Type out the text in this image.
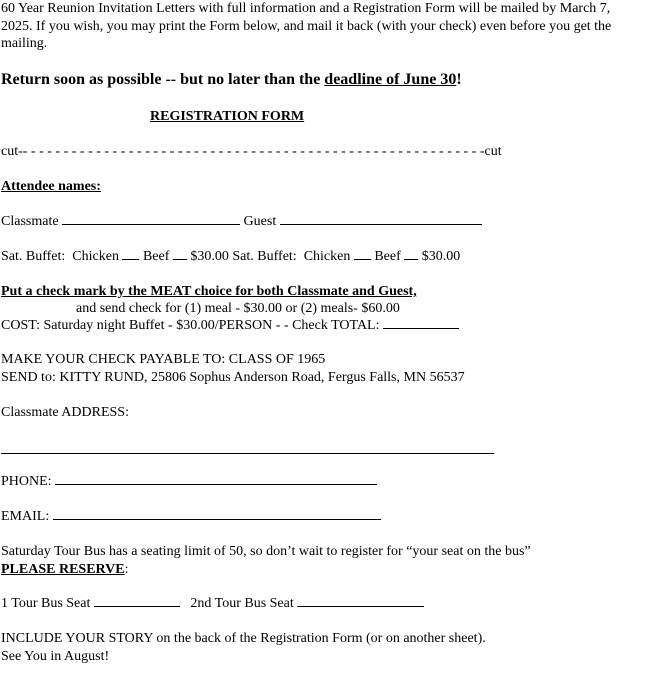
60 Year Reunion Invitation Letters with full information and a Registration Form will be mailed by March 7, 2025. If you wish, you may print the Form below, and mail it back (with your check) even before you get the mailing.
Return soon as possible -- but no later than the deadline of June 30!
REGISTRATION FORM
cut-- - - - - - - - - - - - - - - - - - - - - - - - - - - - - - - - - - - - - - - - - - - - - - - - - - - - - - - - -cut
Attendee names:
Classmate	Guest
Sat. Buffet: Chicken Beef $30.00 Sat. Buffet: Chicken Beef $30.00
Put a check mark by the MEAT choice for both Classmate and Guest,
and send check for (1) meal - $30.00 or (2) meals- $60.00
COST: Saturday night Buffet - $30.00/PERSON - - Check TOTAL:
MAKE YOUR CHECK PAYABLE TO: CLASS OF 1965
SEND to: KITTY RUND, 25806 Sophus Anderson Road, Fergus Falls, MN 56537
Classmate ADDRESS:
PHONE:
EMAIL:
Saturday Tour Bus has a seating limit of 50, so don’t wait to register for “your seat on the bus”
PLEASE RESERVE:
1 Tour Bus Seat	2nd Tour Bus Seat
INCLUDE YOUR STORY on the back of the Registration Form (or on another sheet).
See You in August!
